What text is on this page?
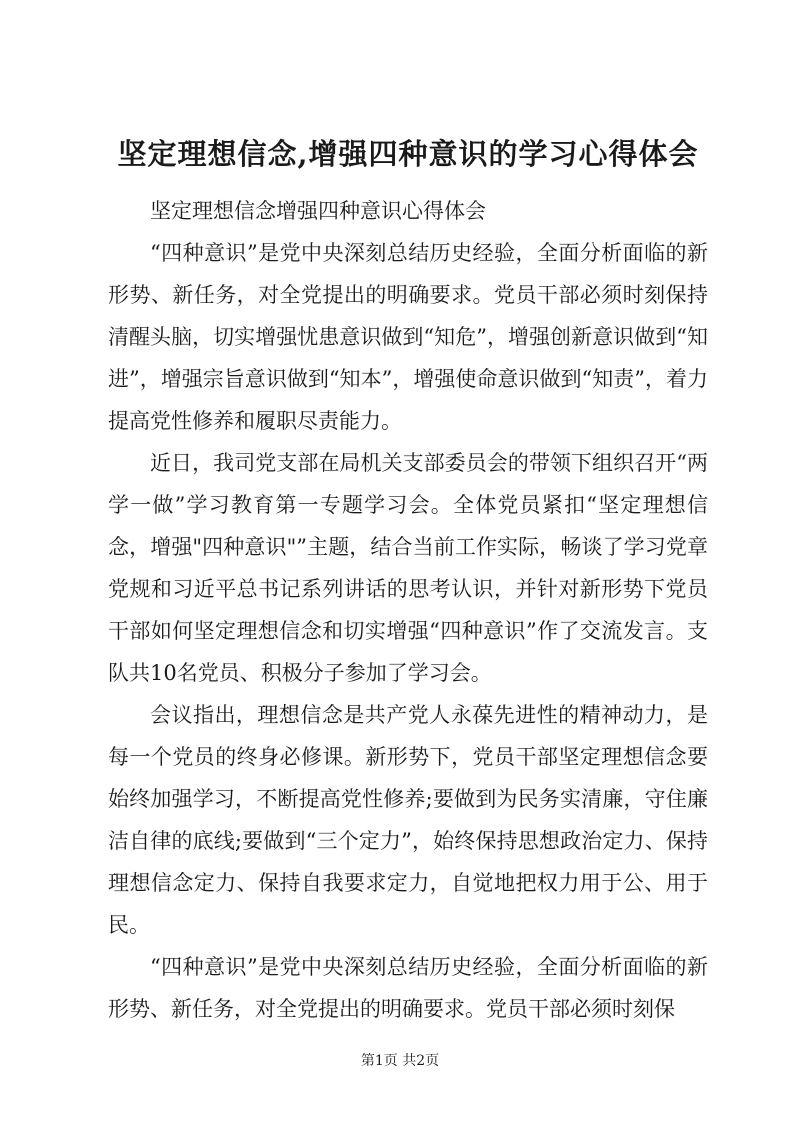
坚定理想信念,增强四种意识的学习心得体会

坚定理想信念增强四种意识心得体会

“四种意识”是党中央深刻总结历史经验，全面分析面临的新形势、新任务，对全党提出的明确要求。党员干部必须时刻保持清醒头脑，切实增强忧患意识做到“知危”，增强创新意识做到“知进”，增强宗旨意识做到“知本”，增强使命意识做到“知责”，着力提高党性修养和履职尽责能力。

近日，我司党支部在局机关支部委员会的带领下组织召开“两学一做”学习教育第一专题学习会。全体党员紧扣“坚定理想信念，增强"四种意识"”主题，结合当前工作实际，畅谈了学习党章党规和习近平总书记系列讲话的思考认识，并针对新形势下党员干部如何坚定理想信念和切实增强“四种意识”作了交流发言。支队共10名党员、积极分子参加了学习会。

会议指出，理想信念是共产党人永葆先进性的精神动力，是每一个党员的终身必修课。新形势下，党员干部坚定理想信念要始终加强学习，不断提高党性修养;要做到为民务实清廉，守住廉洁自律的底线;要做到“三个定力”，始终保持思想政治定力、保持理想信念定力、保持自我要求定力，自觉地把权力用于公、用于民。

“四种意识”是党中央深刻总结历史经验，全面分析面临的新形势、新任务，对全党提出的明确要求。党员干部必须时刻保

第1页 共2页
